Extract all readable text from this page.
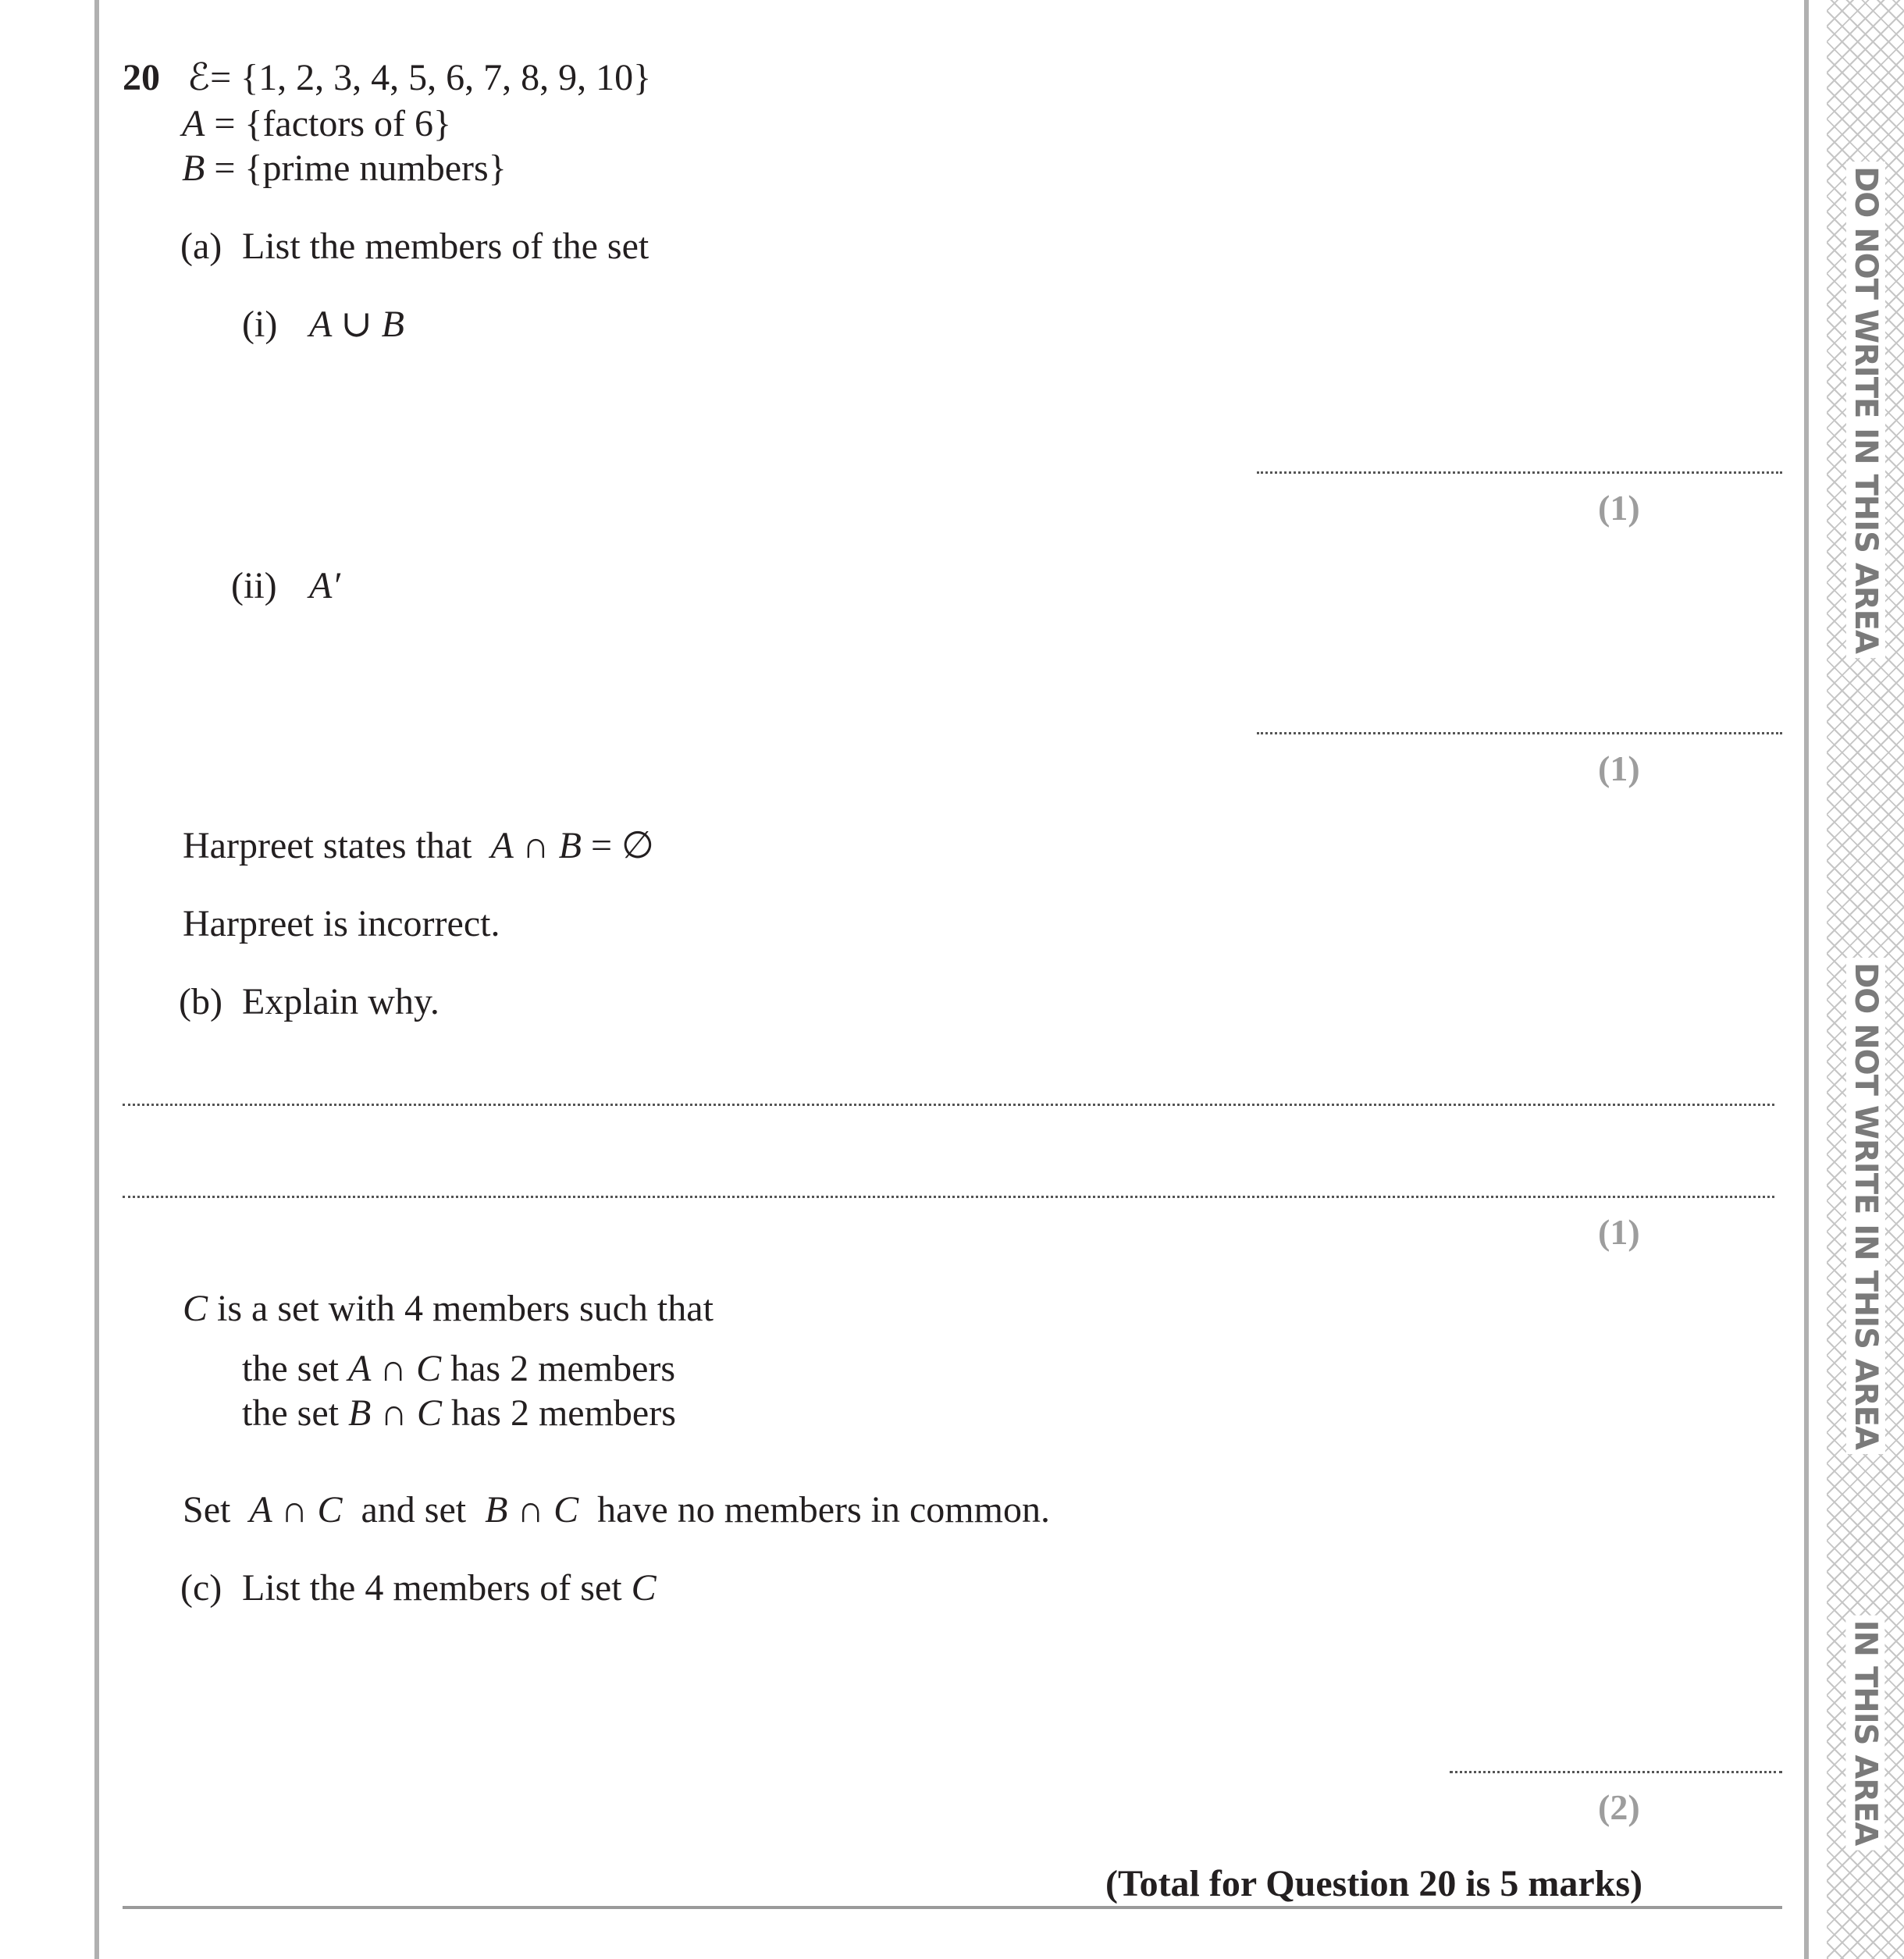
DO NOT WRITE IN THIS AREA
DO NOT WRITE IN THIS AREA
IN THIS AREA
20 ℰ= {1, 2, 3, 4, 5, 6, 7, 8, 9, 10}
A = {factors of 6}
B = {prime numbers}
(a) List the members of the set
(i) A ∪ B
(1)
(ii) A′
(1)
Harpreet states that A ∩ B = ∅
Harpreet is incorrect.
(b) Explain why.
(1)
C is a set with 4 members such that
the set A ∩ C has 2 members
the set B ∩ C has 2 members
Set A ∩ C and set B ∩ C have no members in common.
(c) List the 4 members of set C
(2)
(Total for Question 20 is 5 marks)
